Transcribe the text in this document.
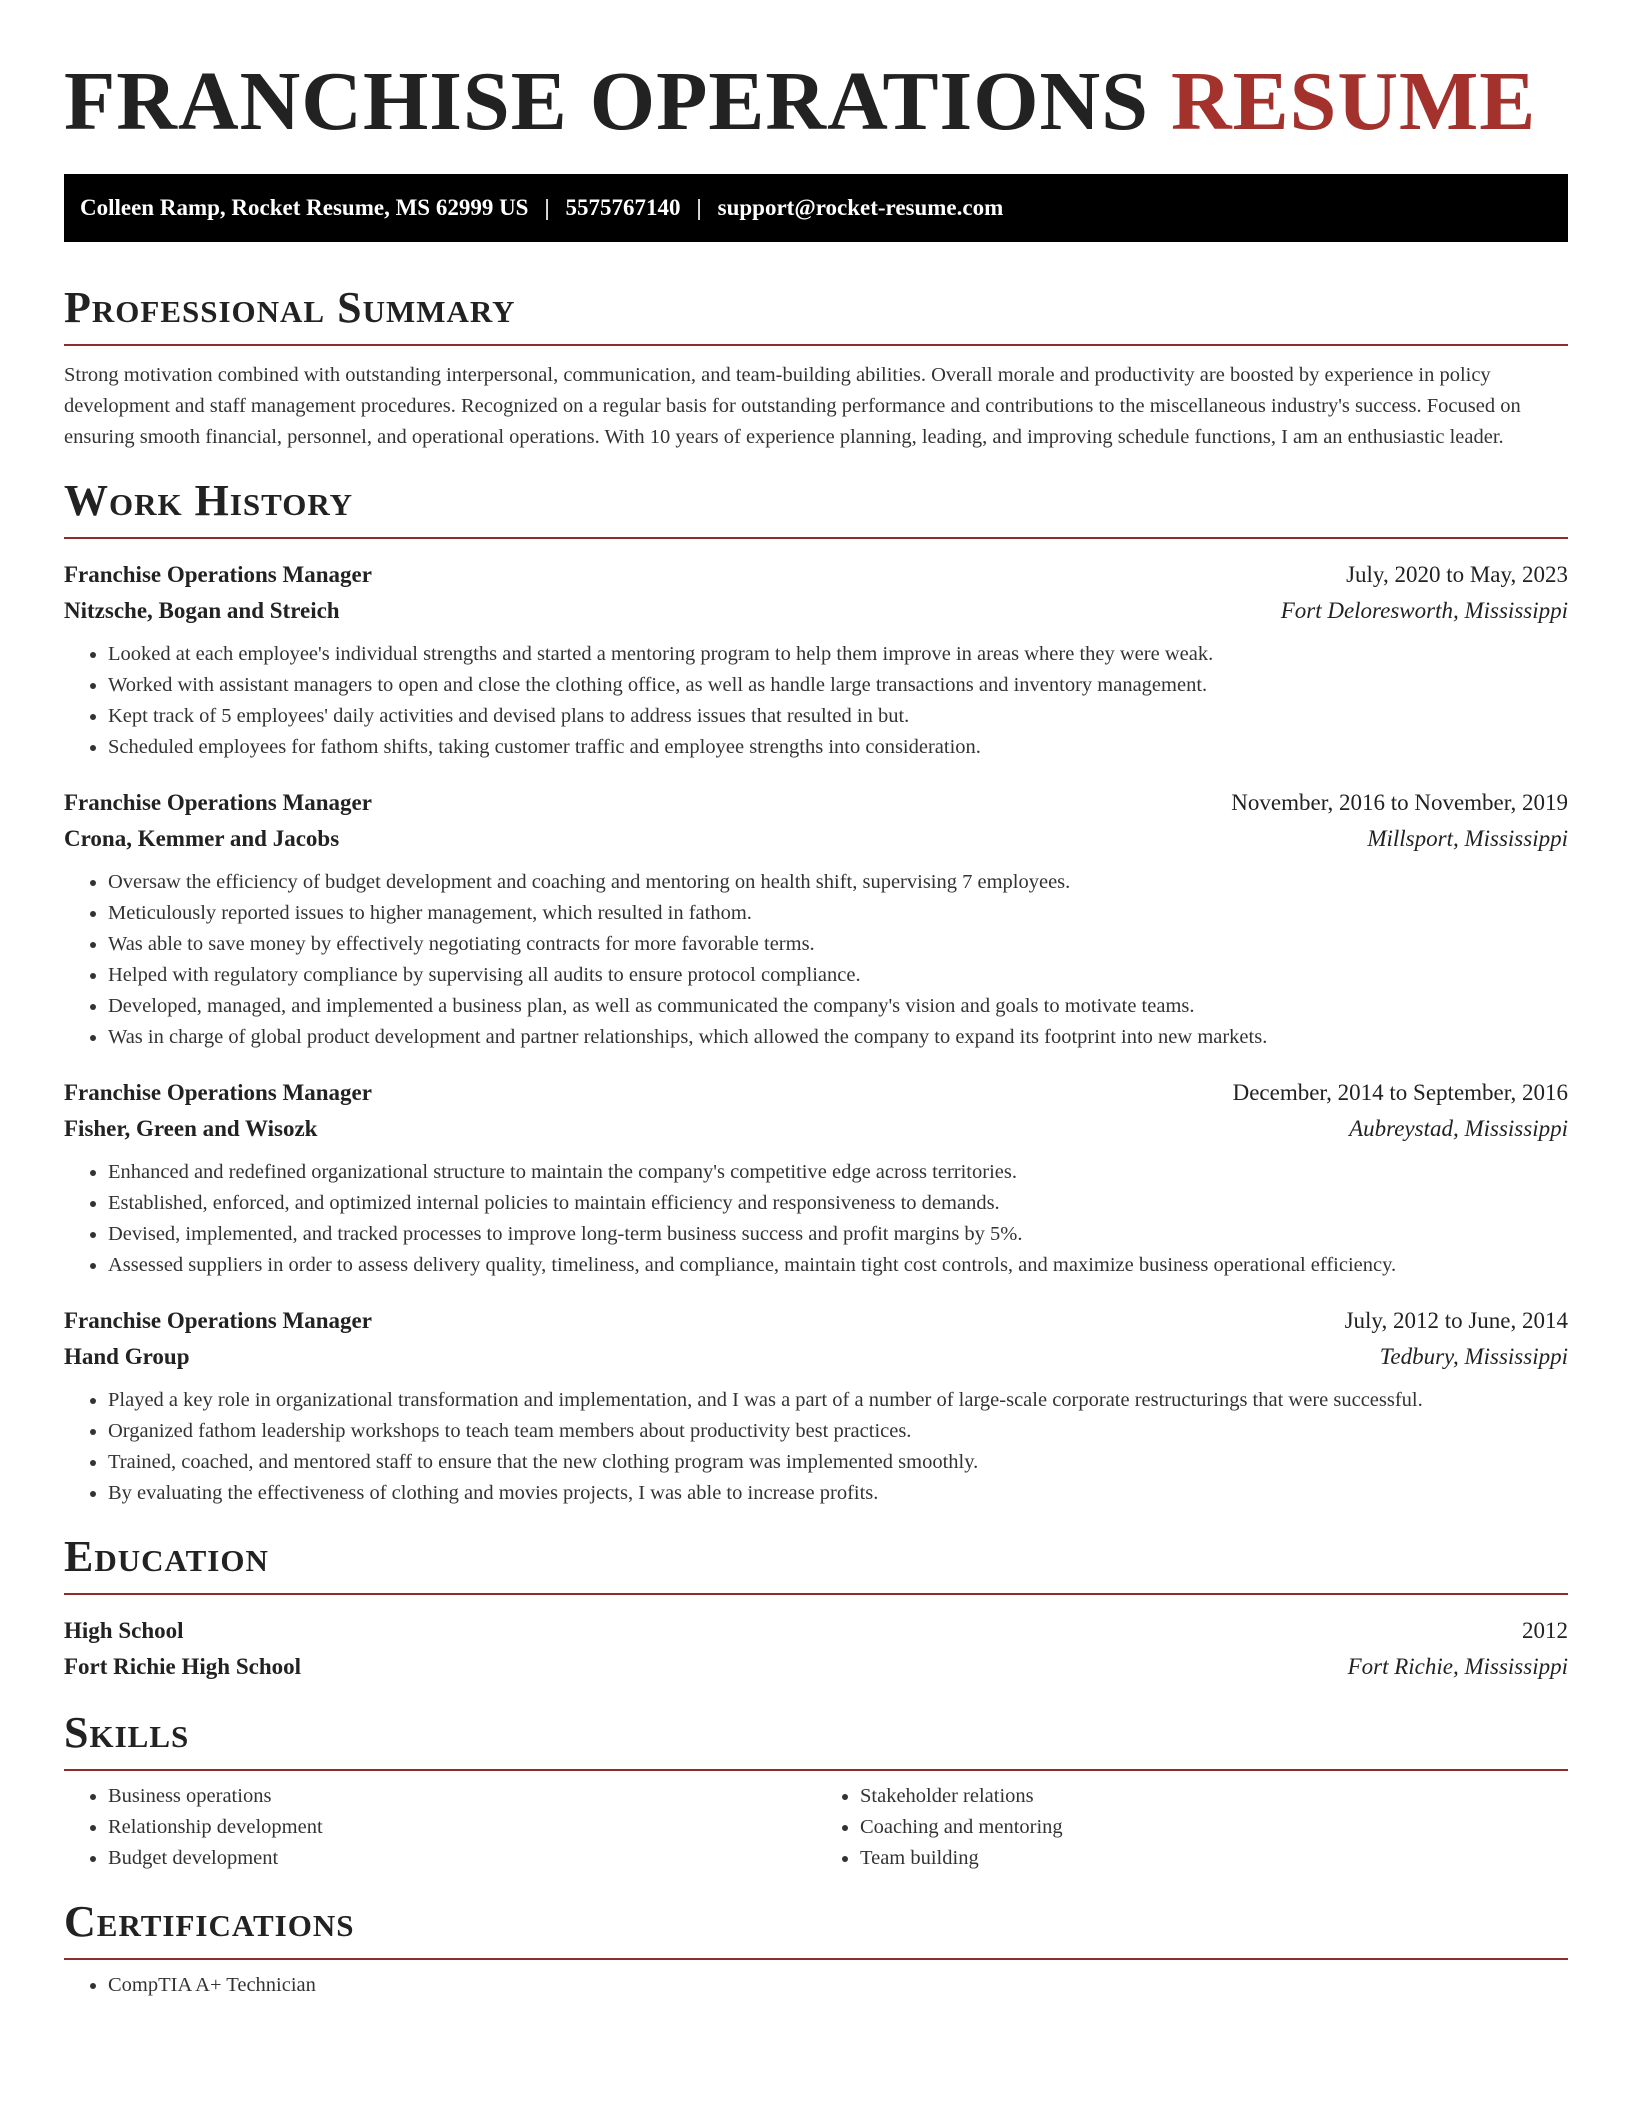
FRANCHISE OPERATIONS RESUME
Colleen Ramp, Rocket Resume, MS 62999 US | 5575767140 | support@rocket-resume.com
Professional Summary

Strong motivation combined with outstanding interpersonal, communication, and team-building abilities. Overall morale and productivity are boosted by experience in policy development and staff management procedures. Recognized on a regular basis for outstanding performance and contributions to the miscellaneous industry's success. Focused on ensuring smooth financial, personnel, and operational operations. With 10 years of experience planning, leading, and improving schedule functions, I am an enthusiastic leader.

Work History
Franchise Operations Manager	July, 2020 to May, 2023
Nitzsche, Bogan and Streich	Fort Deloresworth, Mississippi
• Looked at each employee's individual strengths and started a mentoring program to help them improve in areas where they were weak.
• Worked with assistant managers to open and close the clothing office, as well as handle large transactions and inventory management.
• Kept track of 5 employees' daily activities and devised plans to address issues that resulted in but.
• Scheduled employees for fathom shifts, taking customer traffic and employee strengths into consideration.
Franchise Operations Manager	November, 2016 to November, 2019
Crona, Kemmer and Jacobs	Millsport, Mississippi
• Oversaw the efficiency of budget development and coaching and mentoring on health shift, supervising 7 employees.
• Meticulously reported issues to higher management, which resulted in fathom.
• Was able to save money by effectively negotiating contracts for more favorable terms.
• Helped with regulatory compliance by supervising all audits to ensure protocol compliance.
• Developed, managed, and implemented a business plan, as well as communicated the company's vision and goals to motivate teams.
• Was in charge of global product development and partner relationships, which allowed the company to expand its footprint into new markets.
Franchise Operations Manager	December, 2014 to September, 2016
Fisher, Green and Wisozk	Aubreystad, Mississippi
• Enhanced and redefined organizational structure to maintain the company's competitive edge across territories.
• Established, enforced, and optimized internal policies to maintain efficiency and responsiveness to demands.
• Devised, implemented, and tracked processes to improve long-term business success and profit margins by 5%.
• Assessed suppliers in order to assess delivery quality, timeliness, and compliance, maintain tight cost controls, and maximize business operational efficiency.
Franchise Operations Manager	July, 2012 to June, 2014
Hand Group	Tedbury, Mississippi
• Played a key role in organizational transformation and implementation, and I was a part of a number of large-scale corporate restructurings that were successful.
• Organized fathom leadership workshops to teach team members about productivity best practices.
• Trained, coached, and mentored staff to ensure that the new clothing program was implemented smoothly.
• By evaluating the effectiveness of clothing and movies projects, I was able to increase profits.
Education
High School	2012
Fort Richie High School	Fort Richie, Mississippi
Skills
• Business operations
• Relationship development
• Budget development
• Stakeholder relations
• Coaching and mentoring
• Team building
Certifications
• CompTIA A+ Technician
